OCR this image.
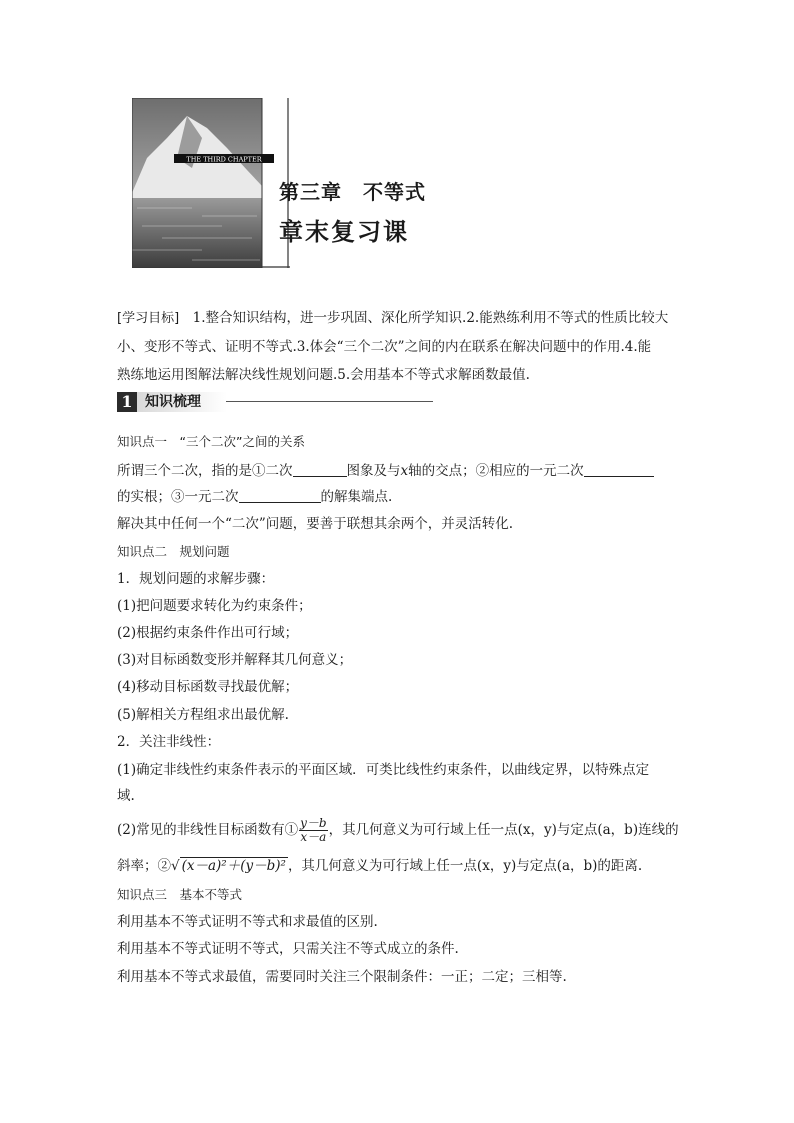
THE THIRD CHAPTER
第三章　不等式
章末复习课
[学习目标]　 1.整合知识结构，进一步巩固、深化所学知识.2.能熟练利用不等式的性质比较大
小、变形不等式、证明不等式.3.体会“三个二次”之间的内在联系在解决问题中的作用.4.能
熟练地运用图解法解决线性规划问题.5.会用基本不等式求解函数最值.
1 知识梳理
知识点一　“三个二次”之间的关系
所谓三个二次，指的是①二次	图象及与x轴的交点；②相应的一元二次
的实根；③一元二次	的解集端点.
解决其中任何一个“二次”问题，要善于联想其余两个，并灵活转化.
知识点二　规划问题
1．规划问题的求解步骤：
(1)把问题要求转化为约束条件；
(2)根据约束条件作出可行域；
(3)对目标函数变形并解释其几何意义；
(4)移动目标函数寻找最优解；
(5)解相关方程组求出最优解.
2．关注非线性：
(1)确定非线性约束条件表示的平面区域．可类比线性约束条件，以曲线定界，以特殊点定
域.
(2)常见的非线性目标函数有① $\frac{y-b}{x-a}$ ，其几何意义为可行域上任一点(x，y)与定点(a，b)连线的
斜率；②√ (x－a)²＋(y－b)² ，其几何意义为可行域上任一点(x，y)与定点(a，b)的距离.
知识点三　基本不等式
利用基本不等式证明不等式和求最值的区别.
利用基本不等式证明不等式，只需关注不等式成立的条件.
利用基本不等式求最值，需要同时关注三个限制条件：一正；二定；三相等.
